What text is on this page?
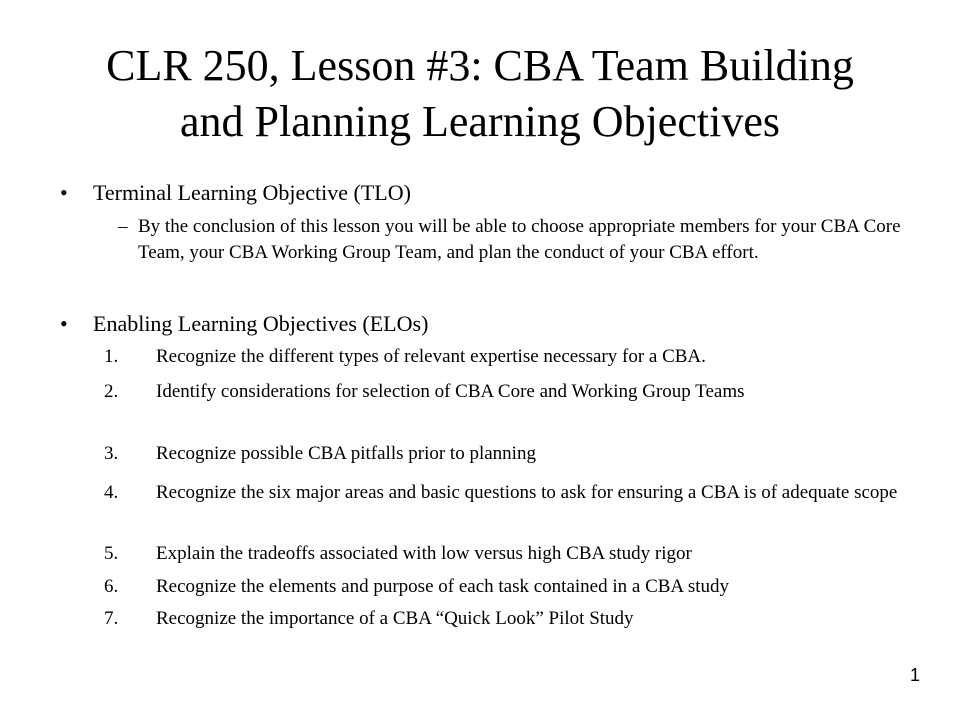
CLR 250, Lesson #3: CBA Team Building
and Planning Learning Objectives
•	Terminal Learning Objective (TLO)
– By the conclusion of this lesson you will be able to choose appropriate members for your CBA Core Team, your CBA Working Group Team, and plan the conduct of your CBA effort.
•	Enabling Learning Objectives (ELOs)
1.	Recognize the different types of relevant expertise necessary for a CBA.
2.	Identify considerations for selection of CBA Core and Working Group Teams
3.	Recognize possible CBA pitfalls prior to planning
4.	Recognize the six major areas and basic questions to ask for ensuring a CBA is of adequate scope
5.	Explain the tradeoffs associated with low versus high CBA study rigor
6.	Recognize the elements and purpose of each task contained in a CBA study
7.	Recognize the importance of a CBA “Quick Look” Pilot Study
1
